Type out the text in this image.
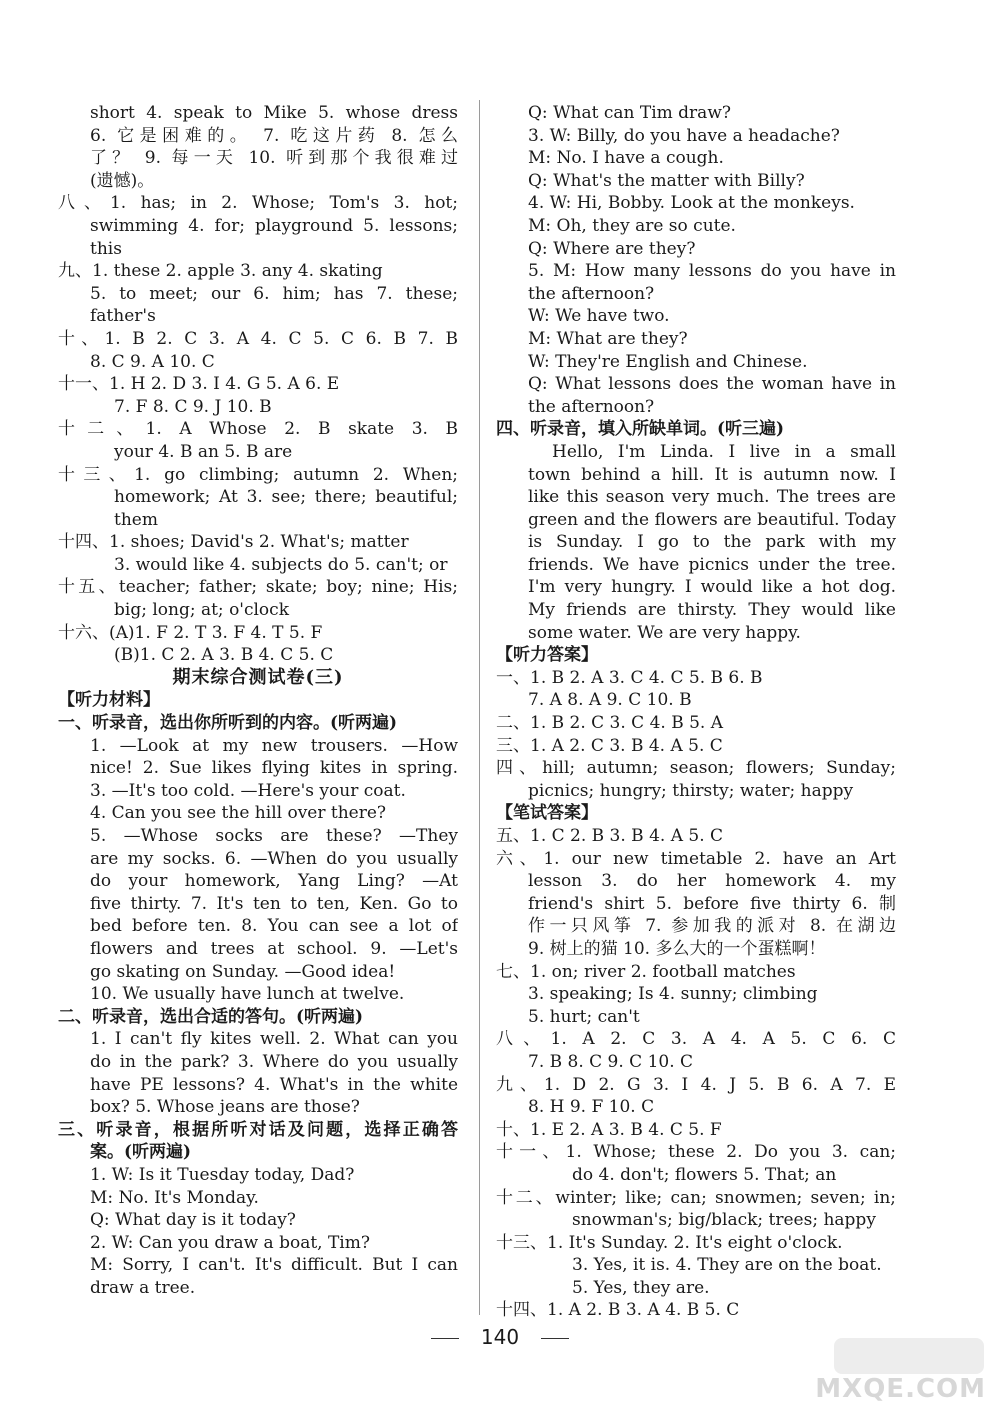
short 4. speak to Mike 5. whose dress
6. 它是困难的。 7. 吃这片药 8. 怎么
了？ 9. 每一天 10. 听到那个我很难过
(遗憾)。
八、1. has; in 2. Whose; Tom's 3. hot;
swimming 4. for; playground 5. lessons;
this
九、1. these 2. apple 3. any 4. skating
5. to meet; our 6. him; has 7. these;
father's
十、1. B 2. C 3. A 4. C 5. C 6. B 7. B
8. C 9. A 10. C
十一、1. H 2. D 3. I 4. G 5. A 6. E
7. F 8. C 9. J 10. B
十二、1. A Whose 2. B skate 3. B
your 4. B an 5. B are
十三、1. go climbing; autumn 2. When;
homework; At 3. see; there; beautiful;
them
十四、1. shoes; David's 2. What's; matter
3. would like 4. subjects do 5. can't; or
十五、teacher; father; skate; boy; nine; His;
big; long; at; o'clock
十六、(A)1. F 2. T 3. F 4. T 5. F
(B)1. C 2. A 3. B 4. C 5. C
期末综合测试卷(三)
【听力材料】
一、听录音，选出你所听到的内容。(听两遍)
1. —Look at my new trousers. —How
nice! 2. Sue likes flying kites in spring.
3. —It's too cold. —Here's your coat.
4. Can you see the hill over there?
5. —Whose socks are these? —They
are my socks. 6. —When do you usually
do your homework, Yang Ling? —At
five thirty. 7. It's ten to ten, Ken. Go to
bed before ten. 8. You can see a lot of
flowers and trees at school. 9. —Let's
go skating on Sunday. —Good idea!
10. We usually have lunch at twelve.
二、听录音，选出合适的答句。(听两遍)
1. I can't fly kites well. 2. What can you
do in the park? 3. Where do you usually
have PE lessons? 4. What's in the white
box? 5. Whose jeans are those?
三、听录音，根据所听对话及问题，选择正确答
案。(听两遍)
1. W: Is it Tuesday today, Dad?
M: No. It's Monday.
Q: What day is it today?
2. W: Can you draw a boat, Tim?
M: Sorry, I can't. It's difficult. But I can
draw a tree.
Q: What can Tim draw?
3. W: Billy, do you have a headache?
M: No. I have a cough.
Q: What's the matter with Billy?
4. W: Hi, Bobby. Look at the monkeys.
M: Oh, they are so cute.
Q: Where are they?
5. M: How many lessons do you have in
the afternoon?
W: We have two.
M: What are they?
W: They're English and Chinese.
Q: What lessons does the woman have in
the afternoon?
四、听录音，填入所缺单词。(听三遍)
Hello, I'm Linda. I live in a small
town behind a hill. It is autumn now. I
like this season very much. The trees are
green and the flowers are beautiful. Today
is Sunday. I go to the park with my
friends. We have picnics under the tree.
I'm very hungry. I would like a hot dog.
My friends are thirsty. They would like
some water. We are very happy.
【听力答案】
一、1. B 2. A 3. C 4. C 5. B 6. B
7. A 8. A 9. C 10. B
二、1. B 2. C 3. C 4. B 5. A
三、1. A 2. C 3. B 4. A 5. C
四、hill; autumn; season; flowers; Sunday;
picnics; hungry; thirsty; water; happy
【笔试答案】
五、1. C 2. B 3. B 4. A 5. C
六、1. our new timetable 2. have an Art
lesson 3. do her homework 4. my
friend's shirt 5. before five thirty 6. 制
作一只风筝 7. 参加我的派对 8. 在湖边
9. 树上的猫 10. 多么大的一个蛋糕啊！
七、1. on; river 2. football matches
3. speaking; Is 4. sunny; climbing
5. hurt; can't
八、1. A 2. C 3. A 4. A 5. C 6. C
7. B 8. C 9. C 10. C
九、1. D 2. G 3. I 4. J 5. B 6. A 7. E
8. H 9. F 10. C
十、1. E 2. A 3. B 4. C 5. F
十一、1. Whose; these 2. Do you 3. can;
do 4. don't; flowers 5. That; an
十二、winter; like; can; snowmen; seven; in;
snowman's; big/black; trees; happy
十三、1. It's Sunday. 2. It's eight o'clock.
3. Yes, it is. 4. They are on the boat.
5. Yes, they are.
十四、1. A 2. B 3. A 4. B 5. C
140
MXQE.COM
